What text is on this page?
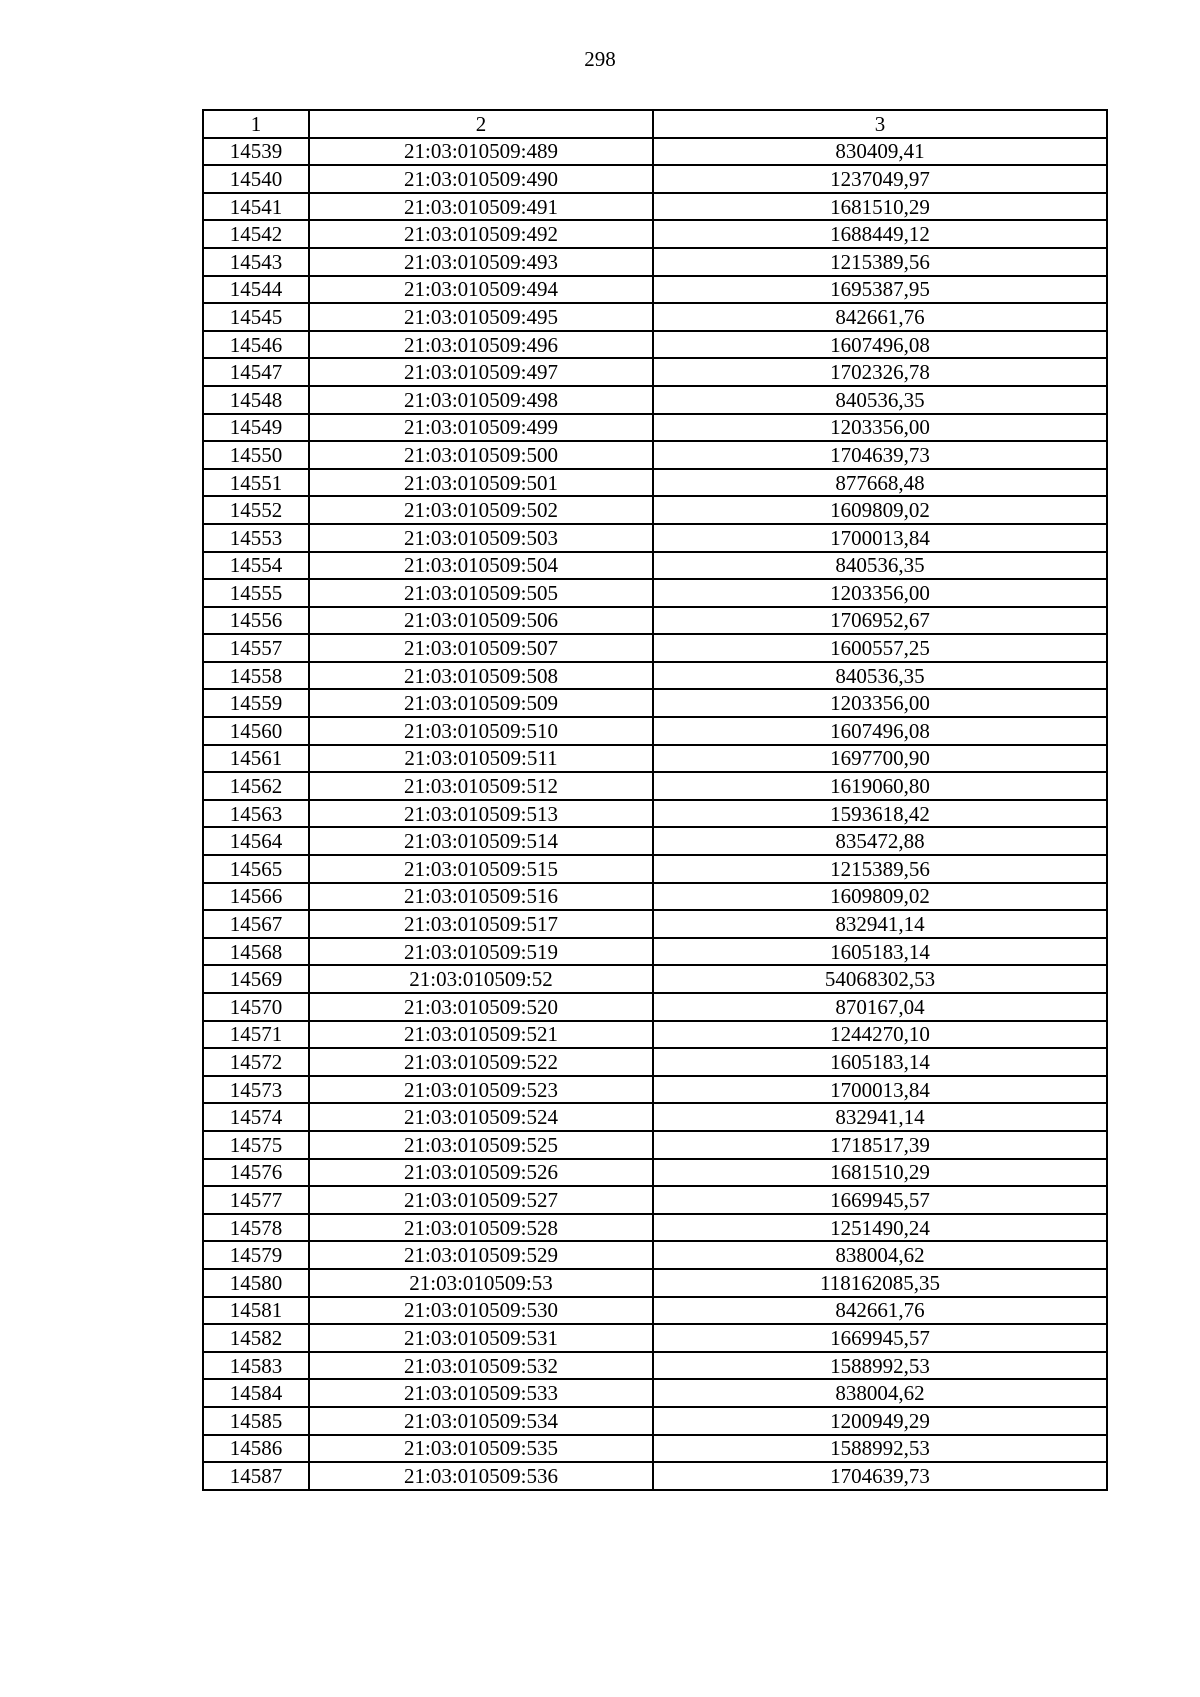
298
1	2	3
14539	21:03:010509:489	830409,41
14540	21:03:010509:490	1237049,97
14541	21:03:010509:491	1681510,29
14542	21:03:010509:492	1688449,12
14543	21:03:010509:493	1215389,56
14544	21:03:010509:494	1695387,95
14545	21:03:010509:495	842661,76
14546	21:03:010509:496	1607496,08
14547	21:03:010509:497	1702326,78
14548	21:03:010509:498	840536,35
14549	21:03:010509:499	1203356,00
14550	21:03:010509:500	1704639,73
14551	21:03:010509:501	877668,48
14552	21:03:010509:502	1609809,02
14553	21:03:010509:503	1700013,84
14554	21:03:010509:504	840536,35
14555	21:03:010509:505	1203356,00
14556	21:03:010509:506	1706952,67
14557	21:03:010509:507	1600557,25
14558	21:03:010509:508	840536,35
14559	21:03:010509:509	1203356,00
14560	21:03:010509:510	1607496,08
14561	21:03:010509:511	1697700,90
14562	21:03:010509:512	1619060,80
14563	21:03:010509:513	1593618,42
14564	21:03:010509:514	835472,88
14565	21:03:010509:515	1215389,56
14566	21:03:010509:516	1609809,02
14567	21:03:010509:517	832941,14
14568	21:03:010509:519	1605183,14
14569	21:03:010509:52	54068302,53
14570	21:03:010509:520	870167,04
14571	21:03:010509:521	1244270,10
14572	21:03:010509:522	1605183,14
14573	21:03:010509:523	1700013,84
14574	21:03:010509:524	832941,14
14575	21:03:010509:525	1718517,39
14576	21:03:010509:526	1681510,29
14577	21:03:010509:527	1669945,57
14578	21:03:010509:528	1251490,24
14579	21:03:010509:529	838004,62
14580	21:03:010509:53	118162085,35
14581	21:03:010509:530	842661,76
14582	21:03:010509:531	1669945,57
14583	21:03:010509:532	1588992,53
14584	21:03:010509:533	838004,62
14585	21:03:010509:534	1200949,29
14586	21:03:010509:535	1588992,53
14587	21:03:010509:536	1704639,73
